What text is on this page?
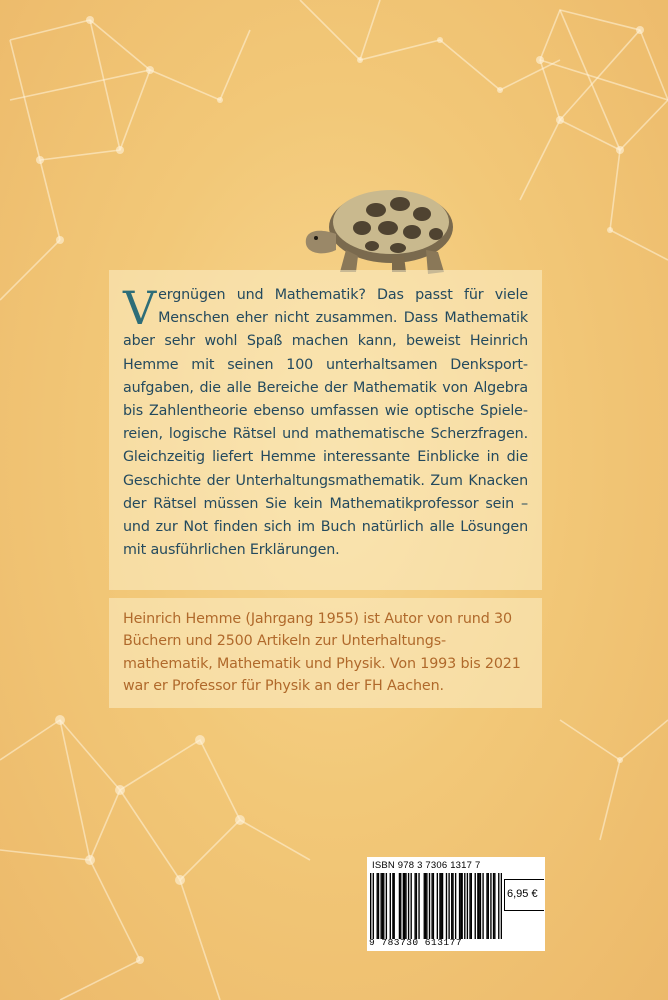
Vergnügen und Mathematik? Das passt für viele Menschen eher nicht zusammen. Dass Mathematik aber sehr wohl Spaß machen kann, beweist Heinrich Hemme mit seinen 100 unterhaltsamen Denksportaufgaben, die alle Bereiche der Mathematik von Algebra bis Zahlentheorie ebenso umfassen wie optische Spielereien, logische Rätsel und mathematische Scherzfragen. Gleichzeitig liefert Hemme interessante Einblicke in die Geschichte der Unterhaltungsmathematik. Zum Knacken der Rätsel müssen Sie kein Mathematikprofessor sein – und zur Not finden sich im Buch natürlich alle Lösungen mit ausführlichen Erklärungen.

Heinrich Hemme (Jahrgang 1955) ist Autor von rund 30 Büchern und 2500 Artikeln zur Unterhaltungsmathematik, Mathematik und Physik. Von 1993 bis 2021 war er Professor für Physik an der FH Aachen.

ISBN 978 3 7306 1317 7
9 783730 613177
6,95 €
